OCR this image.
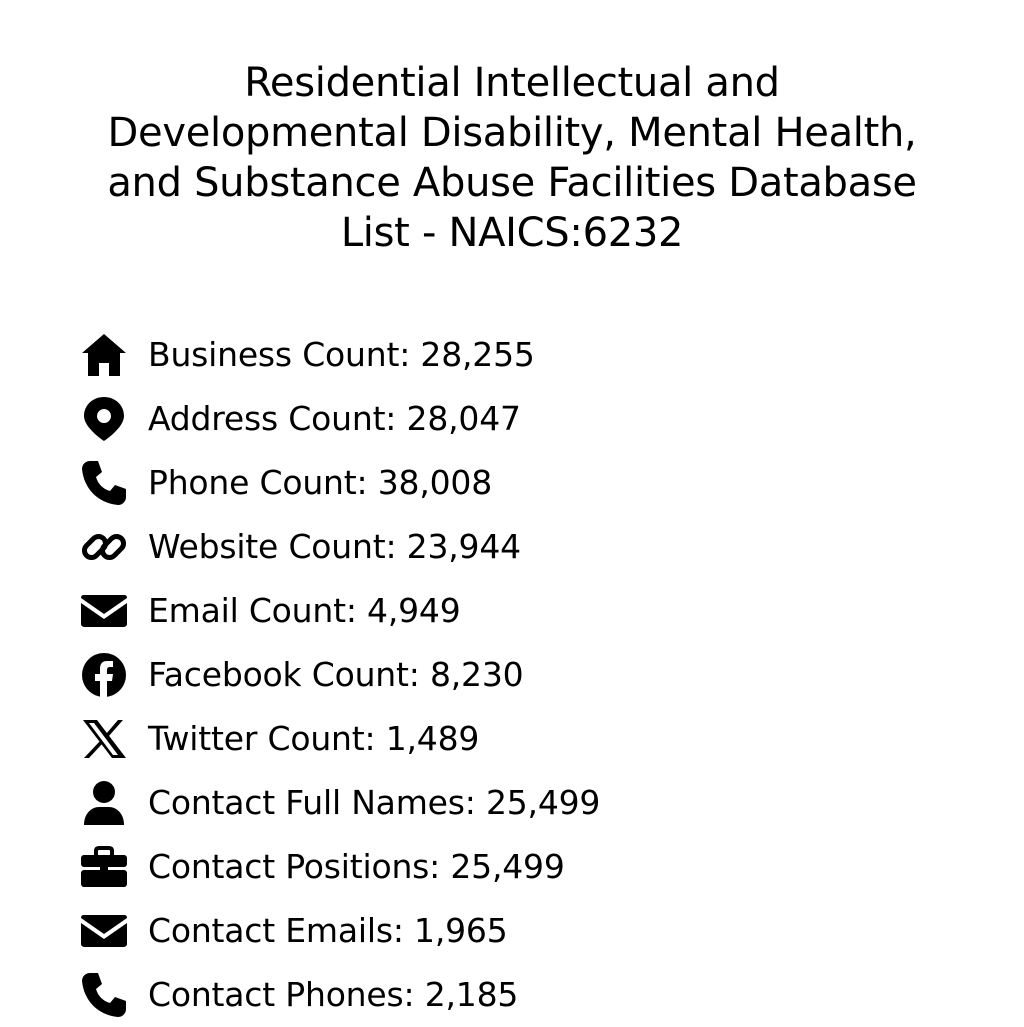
Residential Intellectual and
Developmental Disability, Mental Health,
and Substance Abuse Facilities Database
List - NAICS:6232
Business Count: 28,255
Address Count: 28,047
Phone Count: 38,008
Website Count: 23,944
Email Count: 4,949
Facebook Count: 8,230
Twitter Count: 1,489
Contact Full Names: 25,499
Contact Positions: 25,499
Contact Emails: 1,965
Contact Phones: 2,185
